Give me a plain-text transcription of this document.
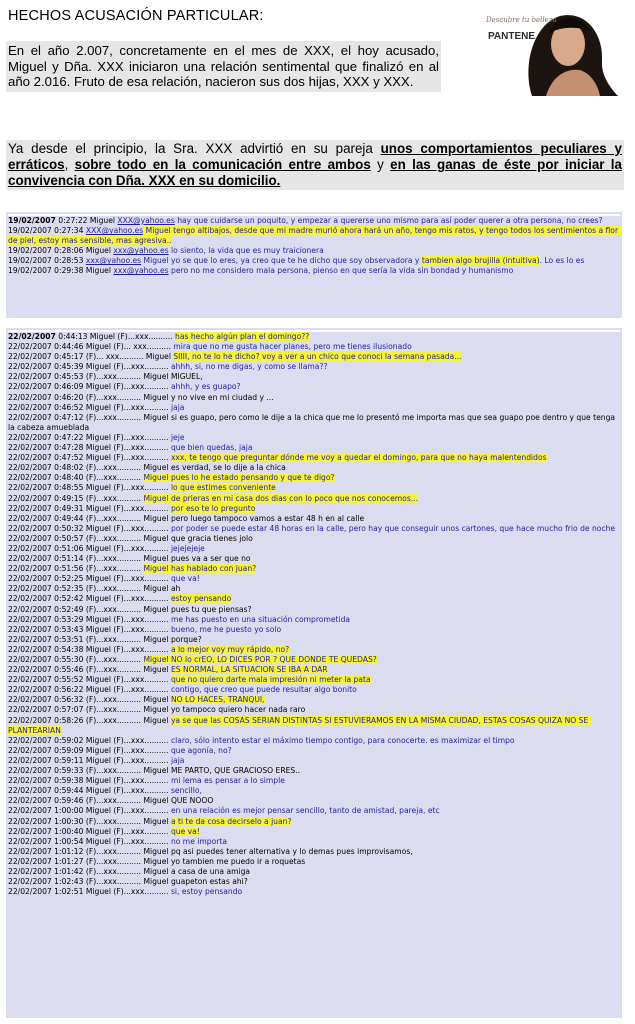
HECHOS ACUSACIÓN PARTICULAR:	Descubre tu belleza
PANTENE
En el año 2.007, concretamente en el mes de XXX, el hoy acusado, Miguel y Dña. XXX iniciaron una relación sentimental que finalizó en al año 2.016. Fruto de esa relación, nacieron sus dos hijas, XXX y XXX.
Ya desde el principio, la Sra. XXX advirtió en su pareja unos comportamientos peculiares y erráticos, sobre todo en la comunicación entre ambos y en las ganas de éste por iniciar la convivencia con Dña. XXX en su domicilio.
19/02/2007 0:27:22 Miguel XXX@yahoo.es hay que cuidarse un poquito, y empezar a quererse uno mismo para así poder querer a otra persona, no crees?
19/02/2007 0:27:34 XXX@yahoo.es Miguel tengo altibajos, desde que mi madre murió ahora hará un año, tengo mis ratos, y tengo todos los sentimientos a flor de piel, estoy mas sensible, mas agresiva..
19/02/2007 0:28:06 Miguel xxx@yahoo.es lo siento, la vida que es muy traicionera
19/02/2007 0:28:53 xxx@yahoo.es Miguel yo se que lo eres, ya creo que te he dicho que soy observadora y tambien algo brujilla (intuitiva). Lo es lo es
19/02/2007 0:29:38 Miguel xxx@yahoo.es pero no me considero mala persona, pienso en que sería la vida sin bondad y humanismo
22/02/2007 0:44:13 Miguel (F)...xxx.......... has hecho algún plan el domingo??
22/02/2007 0:44:46 Miguel (F)... xxx.......... mira que no me gusta hacer planes, pero me tienes ilusionado
22/02/2007 0:45:17 (F)... xxx.......... Miguel SIIII, no te lo he dicho? voy a ver a un chico que conoci la semana pasada...
22/02/2007 0:45:39 Miguel (F)...xxx.......... ahhh, si, no me digas, y como se llama??
22/02/2007 0:45:53 (F)...xxx.......... Miguel MIGUEL,
22/02/2007 0:46:09 Miguel (F)...xxx.......... ahhh, y es guapo?
22/02/2007 0:46:20 (F)...xxx.......... Miguel y no vive en mi ciudad y ...
22/02/2007 0:46:52 Miguel (F)...xxx.......... jaja
22/02/2007 0:47:12 (F)...xxx.......... Miguel si es guapo, pero como le dije a la chica que me lo presentó me importa mas que sea guapo poe dentro y que tenga la cabeza amueblada
22/02/2007 0:47:22 Miguel (F)...xxx.......... jeje
22/02/2007 0:47:28 Miguel (F)...xxx.......... que bien quedas, jaja
22/02/2007 0:47:52 Miguel (F)...xxx.......... xxx, te tengo que preguntar dónde me voy a quedar el domingo, para que no haya malentendidos
22/02/2007 0:48:02 (F)...xxx.......... Miguel es verdad, se lo dije a la chica
22/02/2007 0:48:40 (F)...xxx.......... Miguel pues lo he estado pensando y que te digo?
22/02/2007 0:48:55 Miguel (F)...xxx.......... lo que estimes conveniente
22/02/2007 0:49:15 (F)...xxx.......... Miguel de prieras en mi casa dos dias con lo poco que nos conocemos...
22/02/2007 0:49:31 Miguel (F)...xxx.......... por eso te lo pregunto
22/02/2007 0:49:44 (F)...xxx.......... Miguel pero luego tampoco vamos a estar 48 h en al calle
22/02/2007 0:50:32 Miguel (F)...xxx.......... por poder se puede estar 48 horas en la calle, pero hay que conseguir unos cartones, que hace mucho frio de noche
22/02/2007 0:50:57 (F)...xxx.......... Miguel que gracia tienes jolo
22/02/2007 0:51:06 Miguel (F)...xxx.......... jejejejeje
22/02/2007 0:51:14 (F)...xxx.......... Miguel pues va a ser que no
22/02/2007 0:51:56 (F)...xxx.......... Miguel has hablado con juan?
22/02/2007 0:52:25 Miguel (F)...xxx.......... que va!
22/02/2007 0:52:35 (F)...xxx.......... Miguel ah
22/02/2007 0:52:42 Miguel (F)...xxx.......... estoy pensando
22/02/2007 0:52:49 (F)...xxx.......... Miguel pues tu que piensas?
22/02/2007 0:53:29 Miguel (F)...xxx.......... me has puesto en una situación comprometida
22/02/2007 0:53:43 Miguel (F)...xxx.......... bueno, me he puesto yo solo
22/02/2007 0:53:51 (F)...xxx.......... Miguel porque?
22/02/2007 0:54:38 Miguel (F)...xxx.......... a lo mejor voy muy rápido, no?
22/02/2007 0:55:30 (F)...xxx.......... Miguel NO lo crEO, LO DICES POR ? QUE DONDE TE QUEDAS?
22/02/2007 0:55:46 (F)...xxx.......... Miguel ES NORMAL, LA SITUACION SE IBA A DAR
22/02/2007 0:55:52 Miguel (F)...xxx.......... que no quiero darte mala impresión ni meter la pata
22/02/2007 0:56:22 Miguel (F)...xxx.......... contigo, que creo que puede resultar algo bonito
22/02/2007 0:56:32 (F)...xxx.......... Miguel NO LO HACES, TRANQUI,
22/02/2007 0:57:07 (F)...xxx.......... Miguel yo tampoco quiero hacer nada raro
22/02/2007 0:58:26 (F)...xxx.......... Miguel ya se que las COSAS SERIAN DISTINTAS SI ESTUVIERAMOS EN LA MISMA CIUDAD, ESTAS COSAS QUIZA NO SE PLANTEARIAN
22/02/2007 0:59:02 Miguel (F)...xxx.......... claro, sólo intento estar el máximo tiempo contigo, para conocerte. es maximizar el timpo
22/02/2007 0:59:09 Miguel (F)...xxx.......... que agonía, no?
22/02/2007 0:59:11 Miguel (F)...xxx.......... jaja
22/02/2007 0:59:33 (F)...xxx.......... Miguel ME PARTO, QUE GRACIOSO ERES..
22/02/2007 0:59:38 Miguel (F)...xxx.......... mi lema es pensar a lo simple
22/02/2007 0:59:44 Miguel (F)...xxx.......... sencillo,
22/02/2007 0:59:46 (F)...xxx.......... Miguel QUE NOOO
22/02/2007 1:00:00 Miguel (F)...xxx.......... en una relación es mejor pensar sencillo, tanto de amistad, pareja, etc
22/02/2007 1:00:30 (F)...xxx.......... Miguel a ti te da cosa decirselo a juan?
22/02/2007 1:00:40 Miguel (F)...xxx.......... que va!
22/02/2007 1:00:54 Miguel (F)...xxx.......... no me importa
22/02/2007 1:01:12 (F)...xxx.......... Miguel pq asi puedes tener alternativa y lo demas pues improvisamos,
22/02/2007 1:01:27 (F)...xxx.......... Miguel yo tambien me puedo ir a roquetas
22/02/2007 1:01:42 (F)...xxx.......... Miguel a casa de una amiga
22/02/2007 1:02:43 (F)...xxx.......... Miguel guapeton estas ahi?
22/02/2007 1:02:51 Miguel (F)...xxx.......... si, estoy pensando
